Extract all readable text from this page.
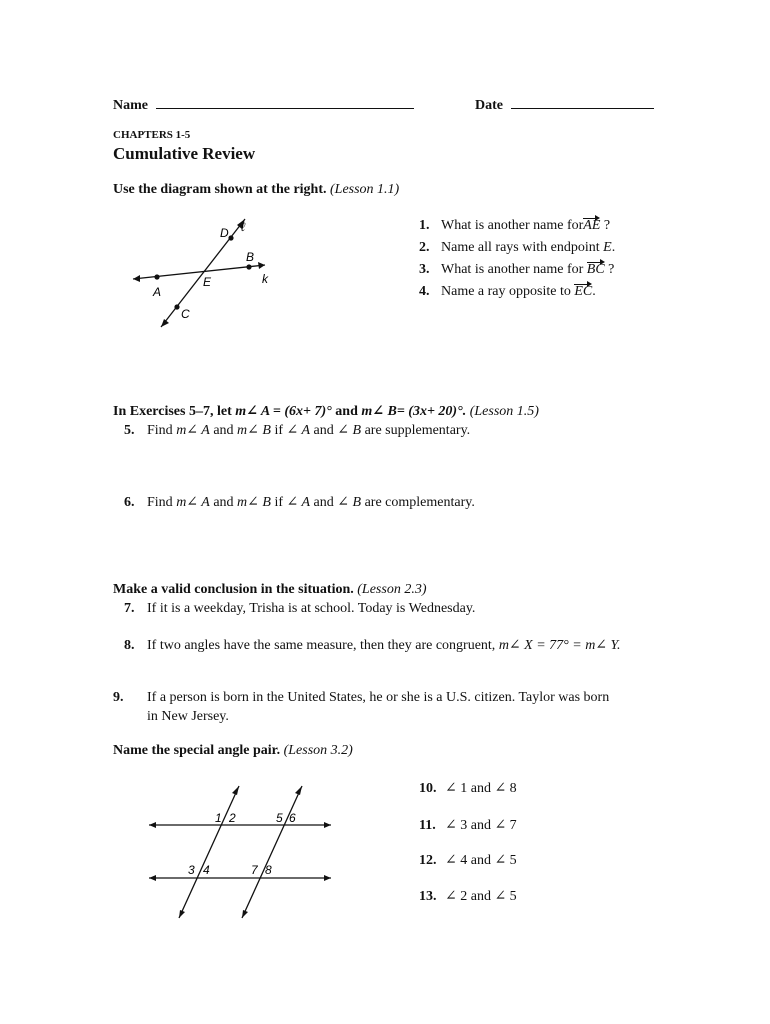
Name	Date
CHAPTERS 1-5
Cumulative Review
Use the diagram shown at the right. (Lesson 1.1)
D ℓ
B
A
E	k
C
1. What is another name forAE ?
2. Name all rays with endpoint E.
3. What is another name for BC ?
4. Name a ray opposite to EC.
In Exercises 5–7, let m∠ A = (6x+ 7)° and m∠ B= (3x+ 20)°. (Lesson 1.5)
5. Find m∠ A and m∠ B if ∠ A and ∠ B are supplementary.
6. Find m∠ A and m∠ B if ∠ A and ∠ B are complementary.
Make a valid conclusion in the situation. (Lesson 2.3)
7. If it is a weekday, Trisha is at school. Today is Wednesday.
8. If two angles have the same measure, then they are congruent, m∠ X = 77° = m∠ Y.
9. If a person is born in the United States, he or she is a U.S. citizen. Taylor was born
in New Jersey.
Name the special angle pair. (Lesson 3.2)
1 2	5 6
3 4	7 8
10. ∠ 1 and ∠ 8
11. ∠ 3 and ∠ 7
12. ∠ 4 and ∠ 5
13. ∠ 2 and ∠ 5
